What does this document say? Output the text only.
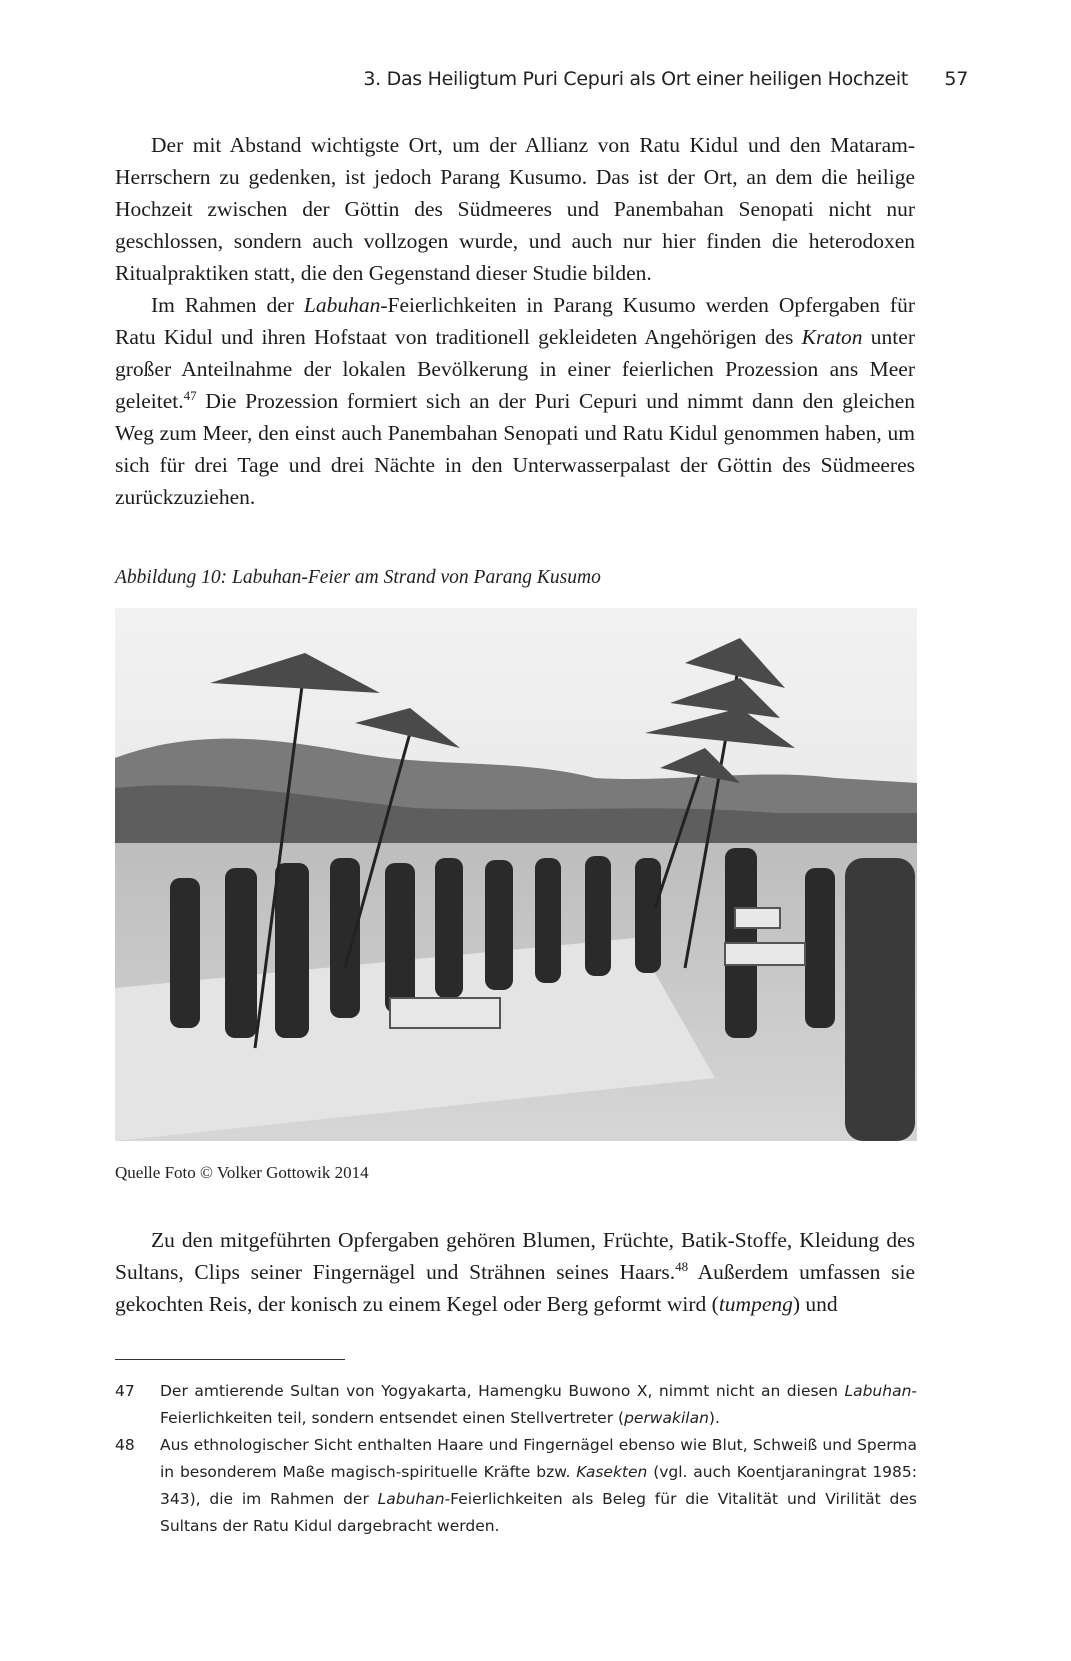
3. Das Heiligtum Puri Cepuri als Ort einer heiligen Hochzeit 57

Der mit Abstand wichtigste Ort, um der Allianz von Ratu Kidul und den Mataram-Herrschern zu gedenken, ist jedoch Parang Kusumo. Das ist der Ort, an dem die heilige Hochzeit zwischen der Göttin des Südmeeres und Panembahan Senopati nicht nur geschlossen, sondern auch vollzogen wurde, und auch nur hier finden die heterodoxen Ritualpraktiken statt, die den Gegenstand dieser Studie bilden.

Im Rahmen der Labuhan-Feierlichkeiten in Parang Kusumo werden Opfergaben für Ratu Kidul und ihren Hofstaat von traditionell gekleideten Angehörigen des Kraton unter großer Anteilnahme der lokalen Bevölkerung in einer feierlichen Prozession ans Meer geleitet.$^{47}$ Die Prozession formiert sich an der Puri Cepuri und nimmt dann den gleichen Weg zum Meer, den einst auch Panembahan Senopati und Ratu Kidul genommen haben, um sich für drei Tage und drei Nächte in den Unterwasserpalast der Göttin des Südmeeres zurückzuziehen.

Abbildung 10: Labuhan-Feier am Strand von Parang Kusumo
Quelle Foto © Volker Gottowik 2014

Zu den mitgeführten Opfergaben gehören Blumen, Früchte, Batik-Stoffe, Kleidung des Sultans, Clips seiner Fingernägel und Strähnen seines Haars.$^{48}$ Außerdem umfassen sie gekochten Reis, der konisch zu einem Kegel oder Berg geformt wird (tumpeng) und

47 Der amtierende Sultan von Yogyakarta, Hamengku Buwono X, nimmt nicht an diesen Labuhan-Feierlichkeiten teil, sondern entsendet einen Stellvertreter (perwakilan).
48 Aus ethnologischer Sicht enthalten Haare und Fingernägel ebenso wie Blut, Schweiß und Sperma in besonderem Maße magisch-spirituelle Kräfte bzw. Kasekten (vgl. auch Koentjaraningrat 1985: 343), die im Rahmen der Labuhan-Feierlichkeiten als Beleg für die Vitalität und Virilität des Sultans der Ratu Kidul dargebracht werden.
